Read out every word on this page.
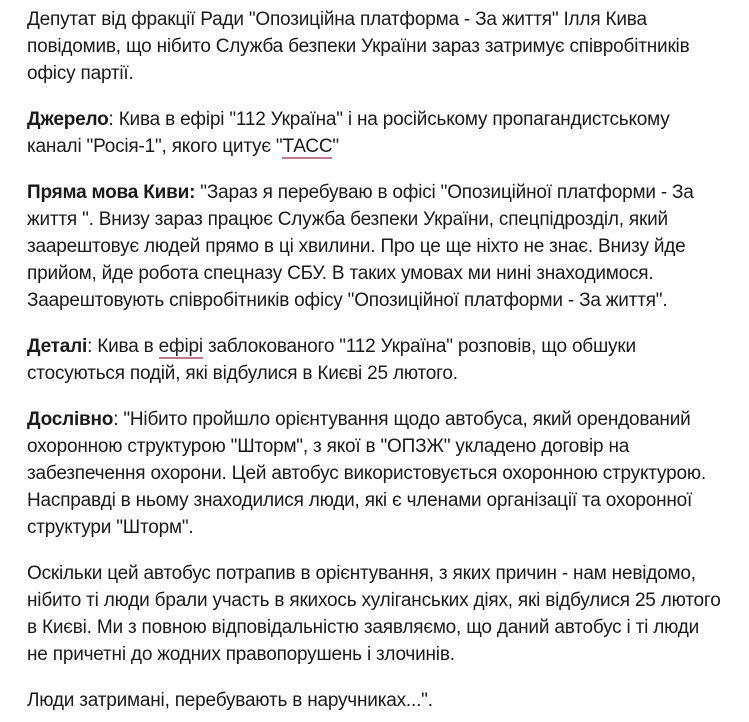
Депутат від фракції Ради "Опозиційна платформа - За життя" Ілля Кива повідомив, що нібито Служба безпеки України зараз затримує співробітників офісу партії.

Джерело: Кива в ефірі "112 Україна" і на російському пропагандистському каналі "Росія-1", якого цитує "ТАСС"

Пряма мова Киви: "Зараз я перебуваю в офісі "Опозиційної платформи - За життя ". Внизу зараз працює Служба безпеки України, спецпідрозділ, який заарештовує людей прямо в ці хвилини. Про це ще ніхто не знає. Внизу йде прийом, йде робота спецназу СБУ. В таких умовах ми нині знаходимося. Заарештовують співробітників офісу "Опозиційної платформи - За життя".

Деталі: Кива в ефірі заблокованого "112 Україна" розповів, що обшуки стосуються подій, які відбулися в Києві 25 лютого.

Дослівно: "Нібито пройшло орієнтування щодо автобуса, який орендований охоронною структурою "Шторм", з якої в "ОПЗЖ" укладено договір на забезпечення охорони. Цей автобус використовується охоронною структурою.  Насправді в ньому знаходилися люди, які є членами організації та охоронної структури "Шторм".

Оскільки цей автобус потрапив в орієнтування, з яких причин - нам невідомо, нібито ті люди брали участь в якихось хуліганських діях, які відбулися 25 лютого в Києві. Ми з повною відповідальністю заявляємо, що даний автобус і ті люди не причетні до жодних правопорушень і злочинів.

Люди затримані, перебувають в наручниках...".
